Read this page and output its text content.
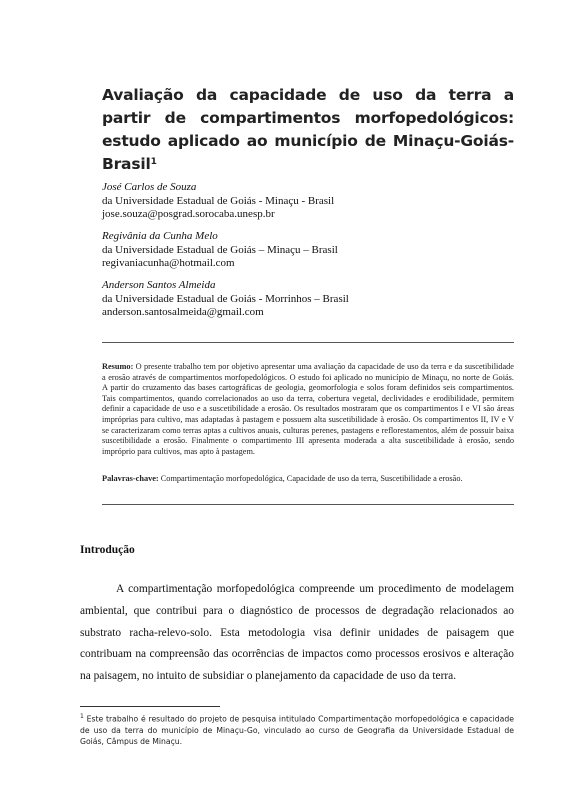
Avaliação da capacidade de uso da terra a partir de compartimentos morfopedológicos: estudo aplicado ao município de Minaçu-Goiás-Brasil$^1$
José Carlos de Souza
da Universidade Estadual de Goiás - Minaçu - Brasil
jose.souza@posgrad.sorocaba.unesp.br
Regivânia da Cunha Melo
da Universidade Estadual de Goiás – Minaçu – Brasil
regivaniacunha@hotmail.com
Anderson Santos Almeida
da Universidade Estadual de Goiás - Morrinhos – Brasil
anderson.santosalmeida@gmail.com
Resumo: O presente trabalho tem por objetivo apresentar uma avaliação da capacidade de uso da terra e da suscetibilidade a erosão através de compartimentos morfopedológicos. O estudo foi aplicado no município de Minaçu, no norte de Goiás. A partir do cruzamento das bases cartográficas de geologia, geomorfologia e solos foram definidos seis compartimentos. Tais compartimentos, quando correlacionados ao uso da terra, cobertura vegetal, declividades e erodibilidade, permitem definir a capacidade de uso e a suscetibilidade a erosão. Os resultados mostraram que os compartimentos I e VI são áreas impróprias para cultivo, mas adaptadas à pastagem e possuem alta suscetibilidade à erosão. Os compartimentos II, IV e V se caracterizaram como terras aptas a cultivos anuais, culturas perenes, pastagens e reflorestamentos, além de possuir baixa suscetibilidade a erosão. Finalmente o compartimento III apresenta moderada a alta suscetibilidade à erosão, sendo impróprio para cultivos, mas apto à pastagem.
Palavras-chave: Compartimentação morfopedológica, Capacidade de uso da terra, Suscetibilidade a erosão.
Introdução
A compartimentação morfopedológica compreende um procedimento de modelagem ambiental, que contribui para o diagnóstico de processos de degradação relacionados ao substrato racha-relevo-solo. Esta metodologia visa definir unidades de paisagem que contribuam na compreensão das ocorrências de impactos como processos erosivos e alteração na paisagem, no intuito de subsidiar o planejamento da capacidade de uso da terra.
$^1$ Este trabalho é resultado do projeto de pesquisa intitulado Compartimentação morfopedológica e capacidade de uso da terra do município de Minaçu-Go, vinculado ao curso de Geografia da Universidade Estadual de Goiás, Câmpus de Minaçu.
